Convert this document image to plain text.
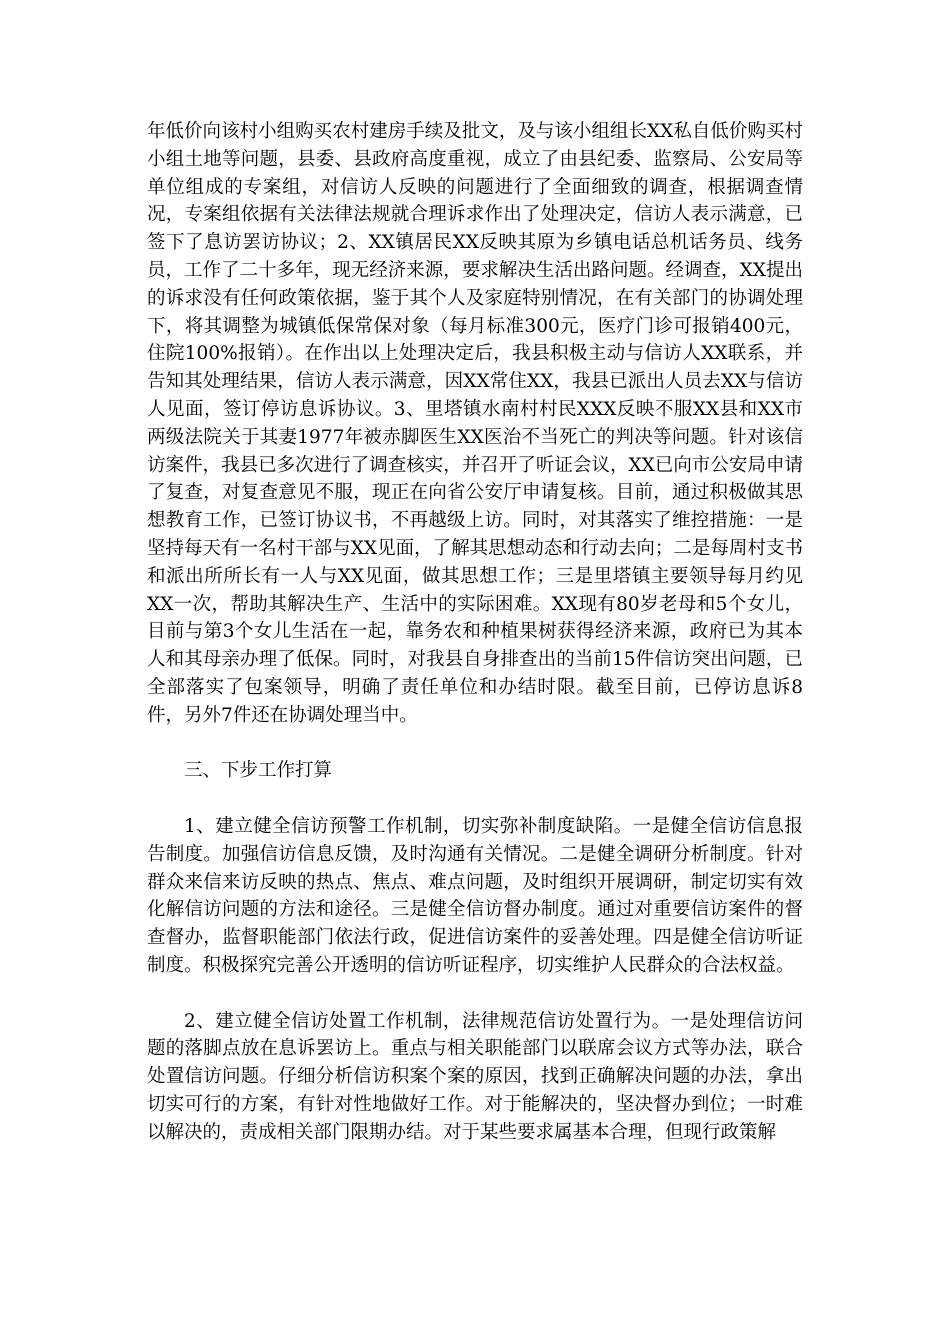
年低价向该村小组购买农村建房手续及批文，及与该小组组长XX私自低价购买村小组土地等问题，县委、县政府高度重视，成立了由县纪委、监察局、公安局等单位组成的专案组，对信访人反映的问题进行了全面细致的调查，根据调查情况，专案组依据有关法律法规就合理诉求作出了处理决定，信访人表示满意，已签下了息访罢访协议；2、XX镇居民XX反映其原为乡镇电话总机话务员、线务员，工作了二十多年，现无经济来源，要求解决生活出路问题。经调查，XX提出的诉求没有任何政策依据，鉴于其个人及家庭特别情况，在有关部门的协调处理下，将其调整为城镇低保常保对象（每月标准300元，医疗门诊可报销400元，住院100%报销）。在作出以上处理决定后，我县积极主动与信访人XX联系，并告知其处理结果，信访人表示满意，因XX常住XX，我县已派出人员去XX与信访人见面，签订停访息诉协议。3、里塔镇水南村村民XXX反映不服XX县和XX市两级法院关于其妻1977年被赤脚医生XX医治不当死亡的判决等问题。针对该信访案件，我县已多次进行了调查核实，并召开了听证会议，XX已向市公安局申请了复查，对复查意见不服，现正在向省公安厅申请复核。目前，通过积极做其思想教育工作，已签订协议书，不再越级上访。同时，对其落实了维控措施：一是坚持每天有一名村干部与XX见面，了解其思想动态和行动去向；二是每周村支书和派出所所长有一人与XX见面，做其思想工作；三是里塔镇主要领导每月约见XX一次，帮助其解决生产、生活中的实际困难。XX现有80岁老母和5个女儿，目前与第3个女儿生活在一起，靠务农和种植果树获得经济来源，政府已为其本人和其母亲办理了低保。同时，对我县自身排查出的当前15件信访突出问题，已全部落实了包案领导，明确了责任单位和办结时限。截至目前，已停访息诉8件，另外7件还在协调处理当中。

三、下步工作打算

1、建立健全信访预警工作机制，切实弥补制度缺陷。一是健全信访信息报告制度。加强信访信息反馈，及时沟通有关情况。二是健全调研分析制度。针对群众来信来访反映的热点、焦点、难点问题，及时组织开展调研，制定切实有效化解信访问题的方法和途径。三是健全信访督办制度。通过对重要信访案件的督查督办，监督职能部门依法行政，促进信访案件的妥善处理。四是健全信访听证制度。积极探究完善公开透明的信访听证程序，切实维护人民群众的合法权益。

2、建立健全信访处置工作机制，法律规范信访处置行为。一是处理信访问题的落脚点放在息诉罢访上。重点与相关职能部门以联席会议方式等办法，联合处置信访问题。仔细分析信访积案个案的原因，找到正确解决问题的办法，拿出切实可行的方案，有针对性地做好工作。对于能解决的，坚决督办到位；一时难以解决的，责成相关部门限期办结。对于某些要求属基本合理，但现行政策解
